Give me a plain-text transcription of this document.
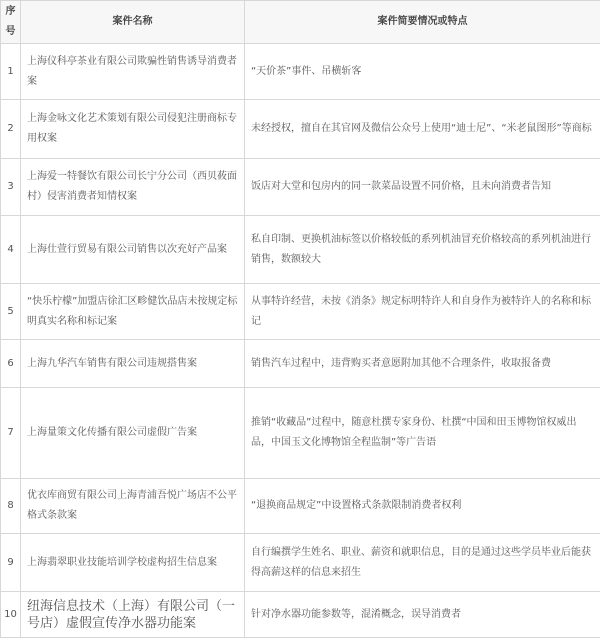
序号	案件名称	案件简要情况或特点
1	上海仪科亭茶业有限公司欺骗性销售诱导消费者案	“天价茶”事件、吊横斩客
2	上海金咏文化艺术策划有限公司侵犯注册商标专用权案	未经授权，擅自在其官网及微信公众号上使用“迪士尼”、“米老鼠图形”等商标
3	上海爱一特餐饮有限公司长宁分公司（西贝莜面村）侵害消费者知情权案	饭店对大堂和包房内的同一款菜品设置不同价格，且未向消费者告知
4	上海仕萱行贸易有限公司销售以次充好产品案	私自印制、更换机油标签以价格较低的系列机油冒充价格较高的系列机油进行销售，数额较大
5	“快乐柠檬”加盟店徐汇区畛健饮品店未按规定标明真实名称和标记案	从事特许经营，未按《消条》规定标明特许人和自身作为被特许人的名称和标记
6	上海九华汽车销售有限公司违规搭售案	销售汽车过程中，违背购买者意愿附加其他不合理条件，收取报备费
7	上海量策文化传播有限公司虚假广告案	推销“收藏品”过程中，随意杜撰专家身份、杜撰“中国和田玉博物馆权威出品，中国玉文化博物馆全程监制”等广告语
8	优衣库商贸有限公司上海青浦吾悦广场店不公平格式条款案	“退换商品规定”中设置格式条款限制消费者权利
9	上海翡翠职业技能培训学校虚构招生信息案	自行编撰学生姓名、职业、薪资和就职信息，目的是通过这些学员毕业后能获得高薪这样的信息来招生
10	纽海信息技术（上海）有限公司（一号店）虚假宣传净水器功能案	针对净水器功能参数等，混淆概念，误导消费者
